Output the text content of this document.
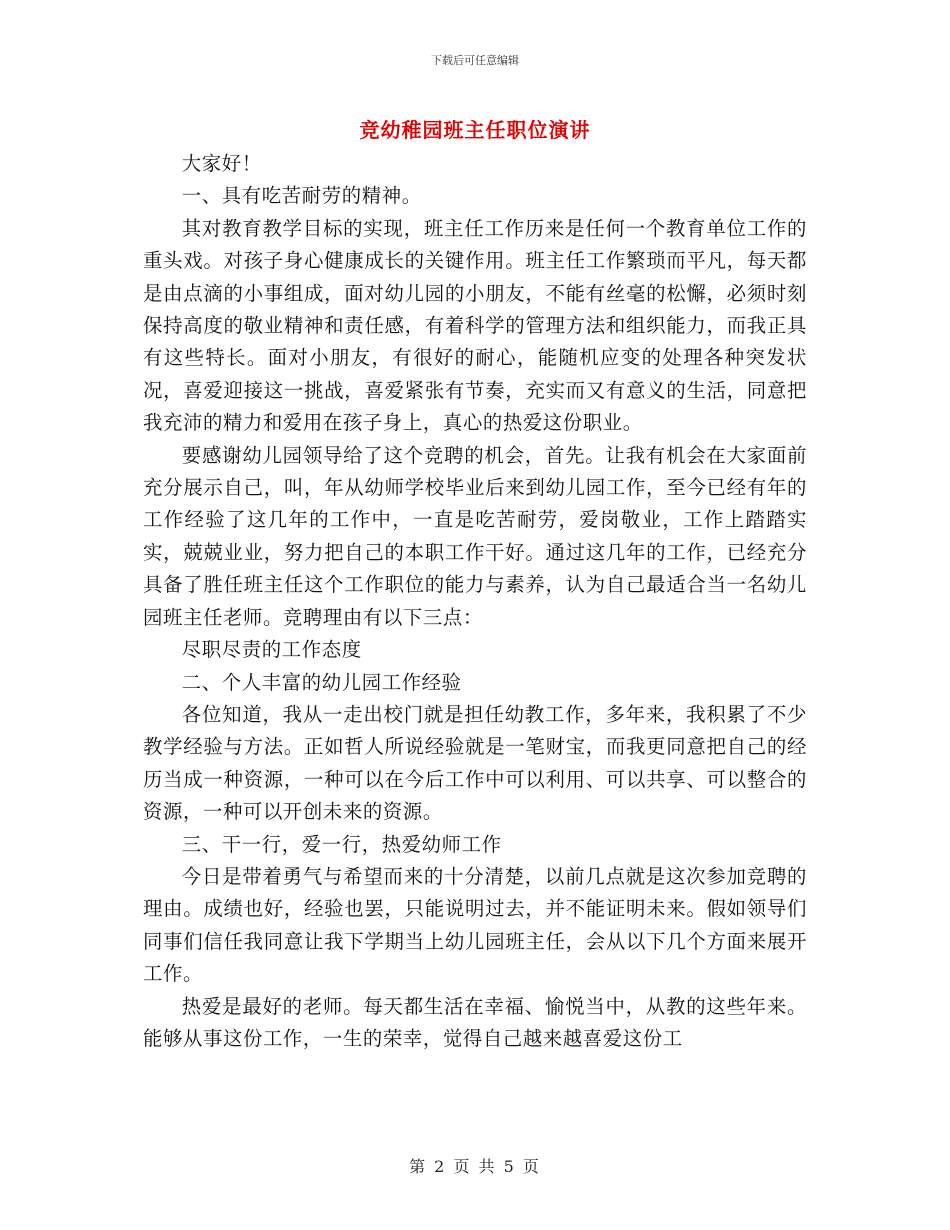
下载后可任意编辑
竞幼稚园班主任职位演讲

大家好！

一、具有吃苦耐劳的精神。

其对教育教学目标的实现，班主任工作历来是任何一个教育单位工作的重头戏。对孩子身心健康成长的关键作用。班主任工作繁琐而平凡，每天都是由点滴的小事组成，面对幼儿园的小朋友，不能有丝毫的松懈，必须时刻保持高度的敬业精神和责任感，有着科学的管理方法和组织能力，而我正具有这些特长。面对小朋友，有很好的耐心，能随机应变的处理各种突发状况，喜爱迎接这一挑战，喜爱紧张有节奏，充实而又有意义的生活，同意把我充沛的精力和爱用在孩子身上，真心的热爱这份职业。

要感谢幼儿园领导给了这个竞聘的机会，首先。让我有机会在大家面前充分展示自己，叫，年从幼师学校毕业后来到幼儿园工作，至今已经有年的工作经验了这几年的工作中，一直是吃苦耐劳，爱岗敬业，工作上踏踏实实，兢兢业业，努力把自己的本职工作干好。通过这几年的工作，已经充分具备了胜任班主任这个工作职位的能力与素养，认为自己最适合当一名幼儿园班主任老师。竞聘理由有以下三点：

尽职尽责的工作态度

二、个人丰富的幼儿园工作经验

各位知道，我从一走出校门就是担任幼教工作，多年来，我积累了不少教学经验与方法。正如哲人所说经验就是一笔财宝，而我更同意把自己的经历当成一种资源，一种可以在今后工作中可以利用、可以共享、可以整合的资源，一种可以开创未来的资源。

三、干一行，爱一行，热爱幼师工作

今日是带着勇气与希望而来的十分清楚，以前几点就是这次参加竞聘的理由。成绩也好，经验也罢，只能说明过去，并不能证明未来。假如领导们同事们信任我同意让我下学期当上幼儿园班主任，会从以下几个方面来展开工作。

热爱是最好的老师。每天都生活在幸福、愉悦当中，从教的这些年来。能够从事这份工作，一生的荣幸，觉得自己越来越喜爱这份工

第 2 页 共 5 页
